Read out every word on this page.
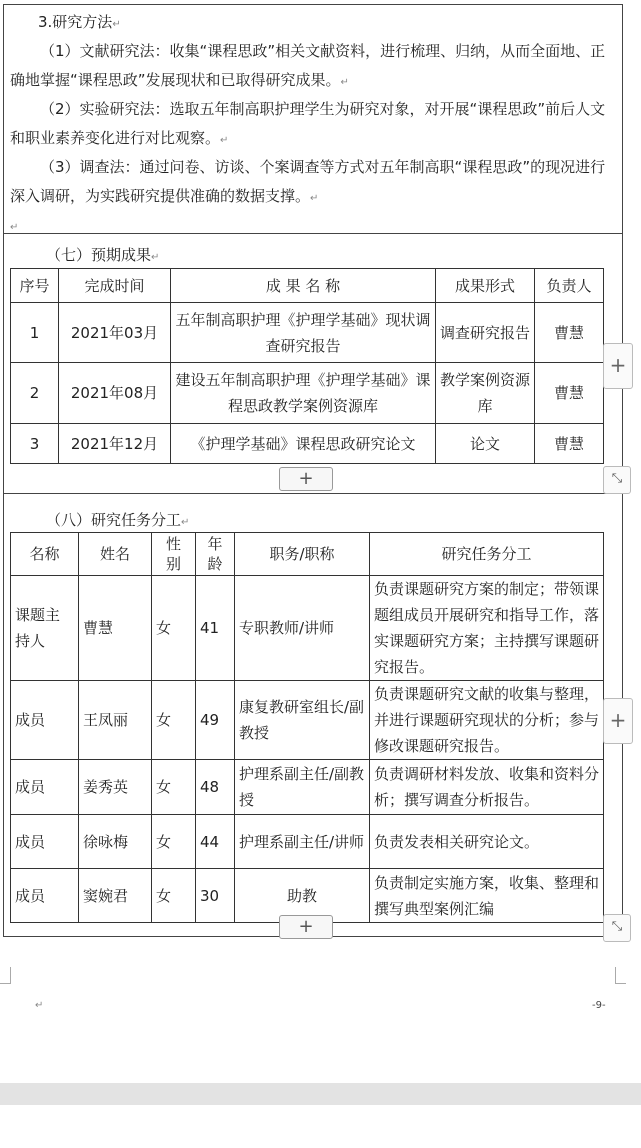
3.研究方法↵
（1）文献研究法：收集“课程思政”相关文献资料，进行梳理、归纳，从而全面地、正确地掌握“课程思政”发展现状和已取得研究成果。↵
（2）实验研究法：选取五年制高职护理学生为研究对象，对开展“课程思政”前后人文和职业素养变化进行对比观察。↵
（3）调查法：通过问卷、访谈、个案调查等方式对五年制高职“课程思政”的现况进行深入调研，为实践研究提供准确的数据支撑。↵
↵
（七）预期成果↵
序号	完成时间	成 果 名 称	成果形式	负责人
1	2021年03月	五年制高职护理《护理学基础》现状调查研究报告	调查研究报告	曹慧
2	2021年08月	建设五年制高职护理《护理学基础》课程思政教学案例资源库	教学案例资源库	曹慧
3	2021年12月	《护理学基础》课程思政研究论文	论文	曹慧
+
+
⤡
（八）研究任务分工↵
名称	姓名	性别	年龄	职务/职称	研究任务分工
课题主持人	曹慧	女	41	专职教师/讲师	负责课题研究方案的制定；带领课题组成员开展研究和指导工作，落实课题研究方案；主持撰写课题研究报告。
成员	王凤丽	女	49	康复教研室组长/副教授	负责课题研究文献的收集与整理，并进行课题研究现状的分析；参与修改课题研究报告。
成员	姜秀英	女	48	护理系副主任/副教授	负责调研材料发放、收集和资料分析；撰写调查分析报告。
成员	徐咏梅	女	44	护理系副主任/讲师	负责发表相关研究论文。
成员	窦婉君	女	30	助教	负责制定实施方案，收集、整理和撰写典型案例汇编
+
+
⤡
↵	-9-
